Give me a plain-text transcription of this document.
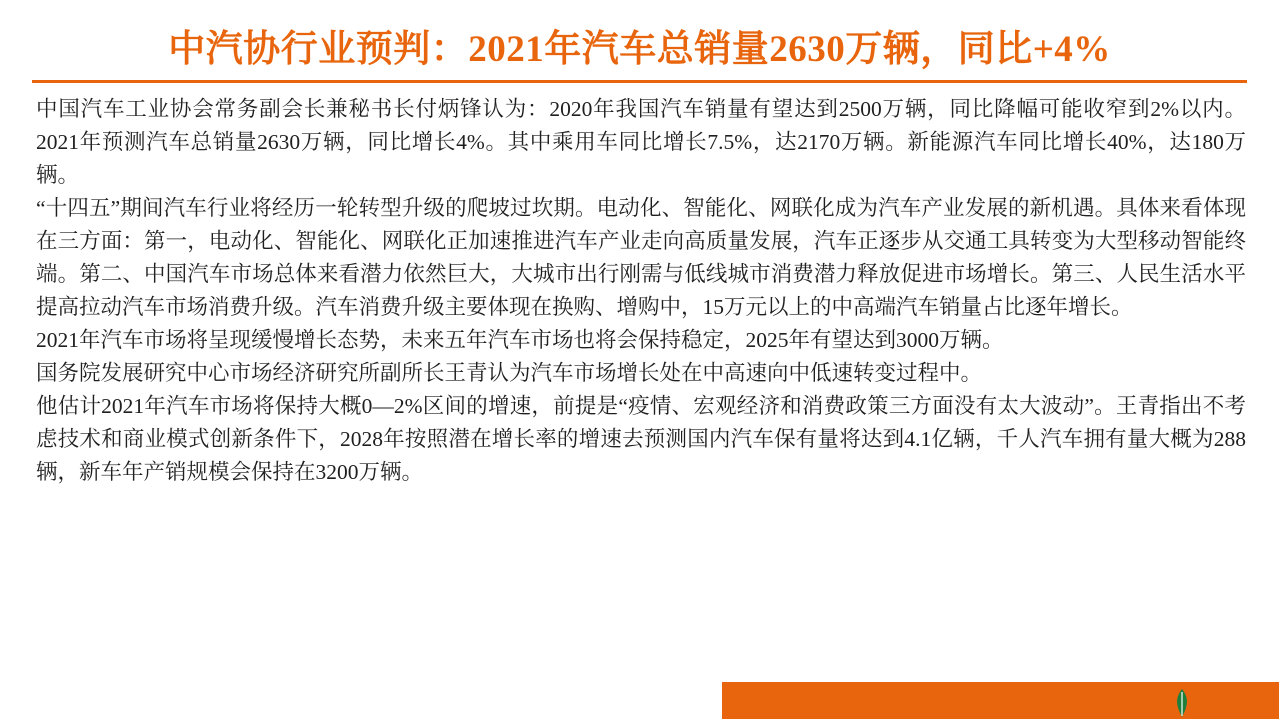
中汽协行业预判：2021年汽车总销量2630万辆，同比+4%

中国汽车工业协会常务副会长兼秘书长付炳锋认为：2020年我国汽车销量有望达到2500万辆，同比降幅可能收窄到2%以内。2021年预测汽车总销量2630万辆，同比增长4%。其中乘用车同比增长7.5%，达2170万辆。新能源汽车同比增长40%，达180万辆。

“十四五”期间汽车行业将经历一轮转型升级的爬坡过坎期。电动化、智能化、网联化成为汽车产业发展的新机遇。具体来看体现在三方面：第一，电动化、智能化、网联化正加速推进汽车产业走向高质量发展，汽车正逐步从交通工具转变为大型移动智能终端。第二、中国汽车市场总体来看潜力依然巨大，大城市出行刚需与低线城市消费潜力释放促进市场增长。第三、人民生活水平提高拉动汽车市场消费升级。汽车消费升级主要体现在换购、增购中，15万元以上的中高端汽车销量占比逐年增长。

2021年汽车市场将呈现缓慢增长态势，未来五年汽车市场也将会保持稳定，2025年有望达到3000万辆。

国务院发展研究中心市场经济研究所副所长王青认为汽车市场增长处在中高速向中低速转变过程中。

他估计2021年汽车市场将保持大概0—2%区间的增速，前提是“疫情、宏观经济和消费政策三方面没有太大波动”。王青指出不考虑技术和商业模式创新条件下，2028年按照潜在增长率的增速去预测国内汽车保有量将达到4.1亿辆，千人汽车拥有量大概为288辆，新车年产销规模会保持在3200万辆。
